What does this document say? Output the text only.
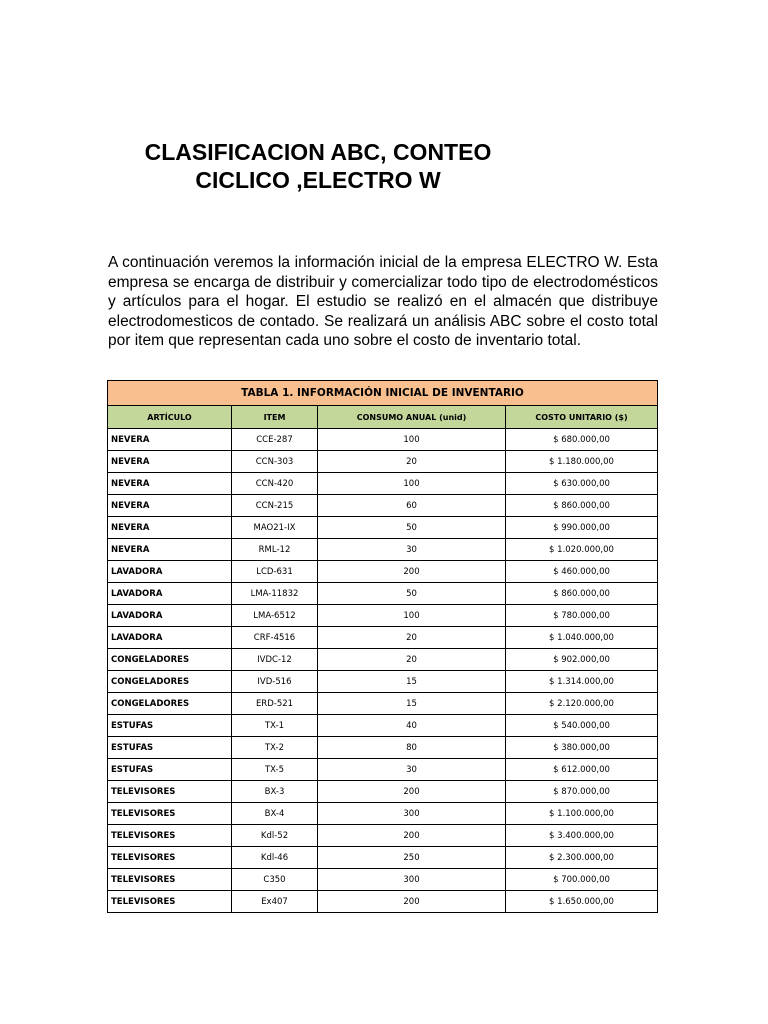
CLASIFICACION ABC, CONTEO
CICLICO ,ELECTRO W

A continuación veremos la información inicial de la empresa ELECTRO W. Esta empresa se encarga de distribuir y comercializar todo tipo de electrodomésticos y artículos para el hogar. El estudio se realizó en el almacén que distribuye electrodomesticos de contado. Se realizará un análisis ABC sobre el costo total por item que representan cada uno sobre el costo de inventario total.

TABLA 1. INFORMACIÓN INICIAL DE INVENTARIO			
ARTÍCULO	ITEM	CONSUMO ANUAL (unid)	COSTO UNITARIO ($)
NEVERA	CCE-287	100	$ 680.000,00
NEVERA	CCN-303	20	$ 1.180.000,00
NEVERA	CCN-420	100	$ 630.000,00
NEVERA	CCN-215	60	$ 860.000,00
NEVERA	MAO21-IX	50	$ 990.000,00
NEVERA	RML-12	30	$ 1.020.000,00
LAVADORA	LCD-631	200	$ 460.000,00
LAVADORA	LMA-11832	50	$ 860.000,00
LAVADORA	LMA-6512	100	$ 780.000,00
LAVADORA	CRF-4516	20	$ 1.040.000,00
CONGELADORES	IVDC-12	20	$ 902.000,00
CONGELADORES	IVD-516	15	$ 1.314.000,00
CONGELADORES	ERD-521	15	$ 2.120.000,00
ESTUFAS	TX-1	40	$ 540.000,00
ESTUFAS	TX-2	80	$ 380.000,00
ESTUFAS	TX-5	30	$ 612.000,00
TELEVISORES	BX-3	200	$ 870.000,00
TELEVISORES	BX-4	300	$ 1.100.000,00
TELEVISORES	Kdl-52	200	$ 3.400.000,00
TELEVISORES	Kdl-46	250	$ 2.300.000,00
TELEVISORES	C350	300	$ 700.000,00
TELEVISORES	Ex407	200	$ 1.650.000,00
